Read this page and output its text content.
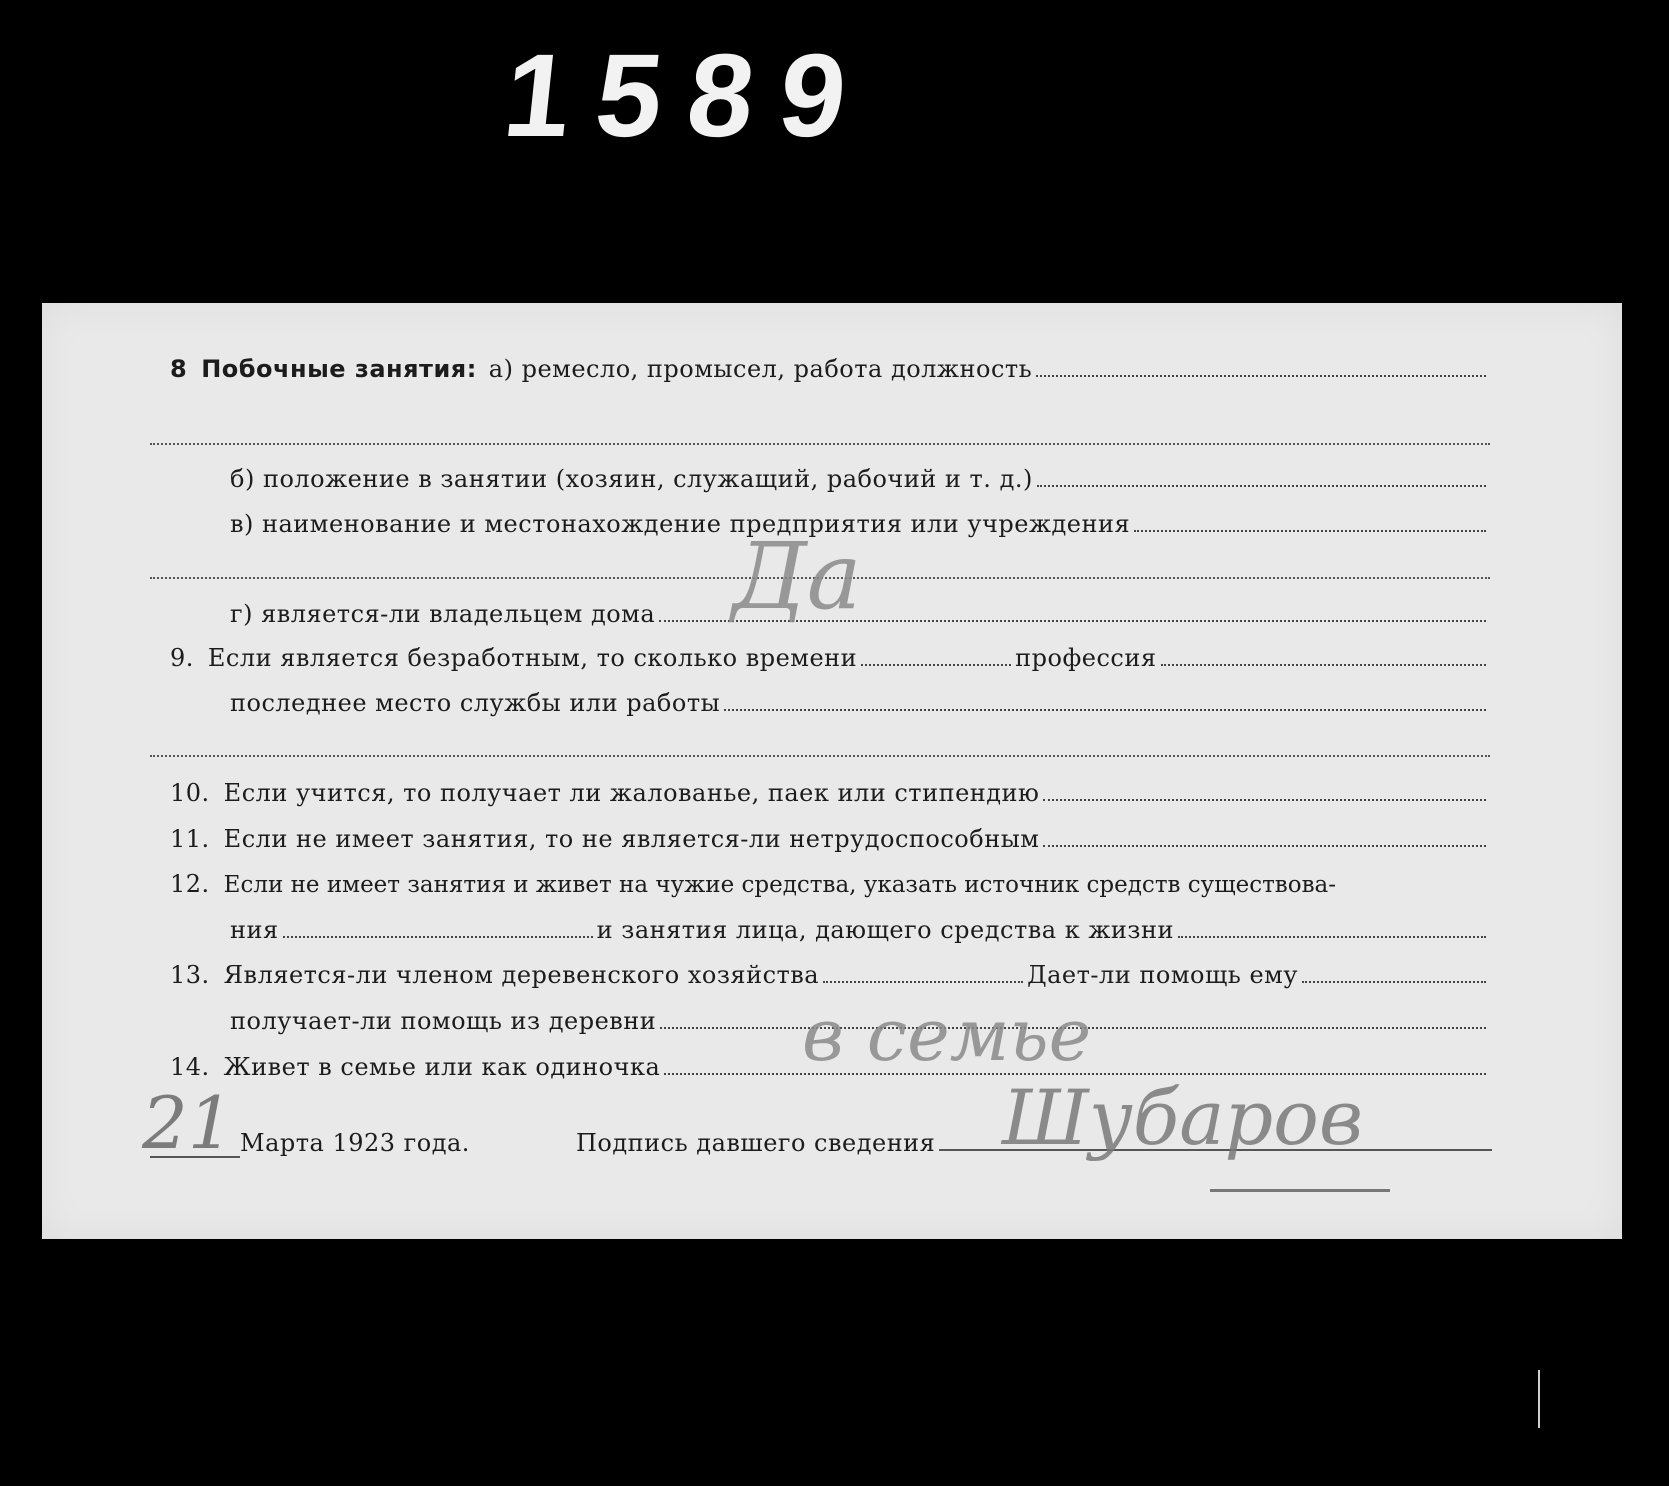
1589
8 Побочные занятия: а) ремесло, промысел, работа должность
б) положение в занятии (хозяин, служащий, рабочий и т. д.)
в) наименование и местонахождение предприятия или учреждения
г) является-ли владельцем дома Да
9. Если является безработным, то сколько времени	профессия
последнее место службы или работы
10. Если учится, то получает ли жалованье, паек или стипендию
11. Если не имеет занятия, то не является-ли нетрудоспособным
12. Если не имеет занятия и живет на чужие средства, указать источник средств существова-
ния	и занятия лица, дающего средства к жизни
13. Является-ли членом деревенского хозяйства	Дает-ли помощь ему
получает-ли помощь из деревни
14. Живет в семье или как одиночка в семье
21 Марта 1923 года.	Подпись давшего сведения Шубаров
